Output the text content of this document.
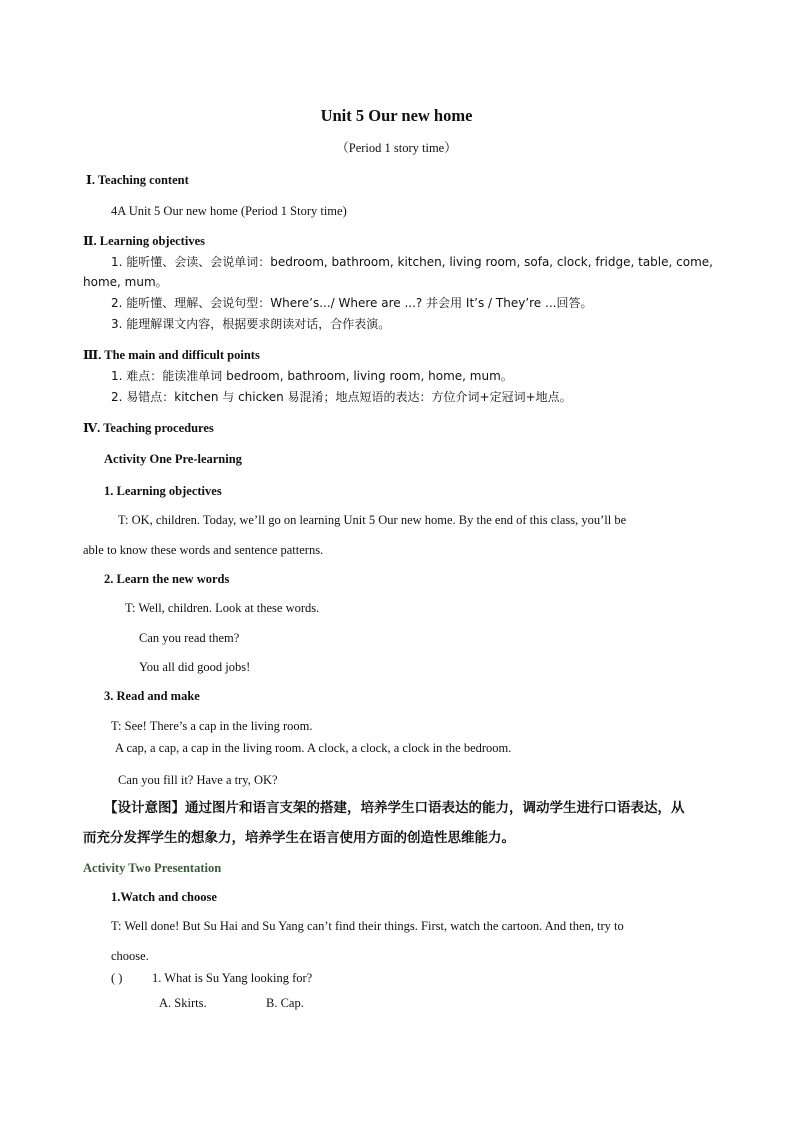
Unit 5 Our new home
（Period 1 story time）
Ⅰ. Teaching content
4A Unit 5 Our new home (Period 1 Story time)
Ⅱ. Learning objectives
1. 能听懂、会读、会说单词：bedroom, bathroom, kitchen, living room, sofa, clock, fridge, table, come,
home, mum。
2. 能听懂、理解、会说句型：Where’s.../ Where are ...? 并会用 It’s / They’re ...回答。
3. 能理解课文内容，根据要求朗读对话，合作表演。
Ⅲ. The main and difficult points
1. 难点：能读准单词 bedroom, bathroom, living room, home, mum。
2. 易错点：kitchen 与 chicken 易混淆；地点短语的表达：方位介词+定冠词+地点。
Ⅳ. Teaching procedures
Activity One Pre-learning
1. Learning objectives
T: OK, children. Today, we’ll go on learning Unit 5 Our new home. By the end of this class, you’ll be
able to know these words and sentence patterns.
2. Learn the new words
T: Well, children. Look at these words.
Can you read them?
You all did good jobs!
3. Read and make
T: See! There’s a cap in the living room.
A cap, a cap, a cap in the living room. A clock, a clock, a clock in the bedroom.
Can you fill it? Have a try, OK?
【设计意图】通过图片和语言支架的搭建，培养学生口语表达的能力，调动学生进行口语表达，从
而充分发挥学生的想象力，培养学生在语言使用方面的创造性思维能力。
Activity Two Presentation
1.Watch and choose
T: Well done! But Su Hai and Su Yang can’t find their things. First, watch the cartoon. And then, try to
choose.
( ) 1. What is Su Yang looking for?
A. Skirts.	B. Cap.
